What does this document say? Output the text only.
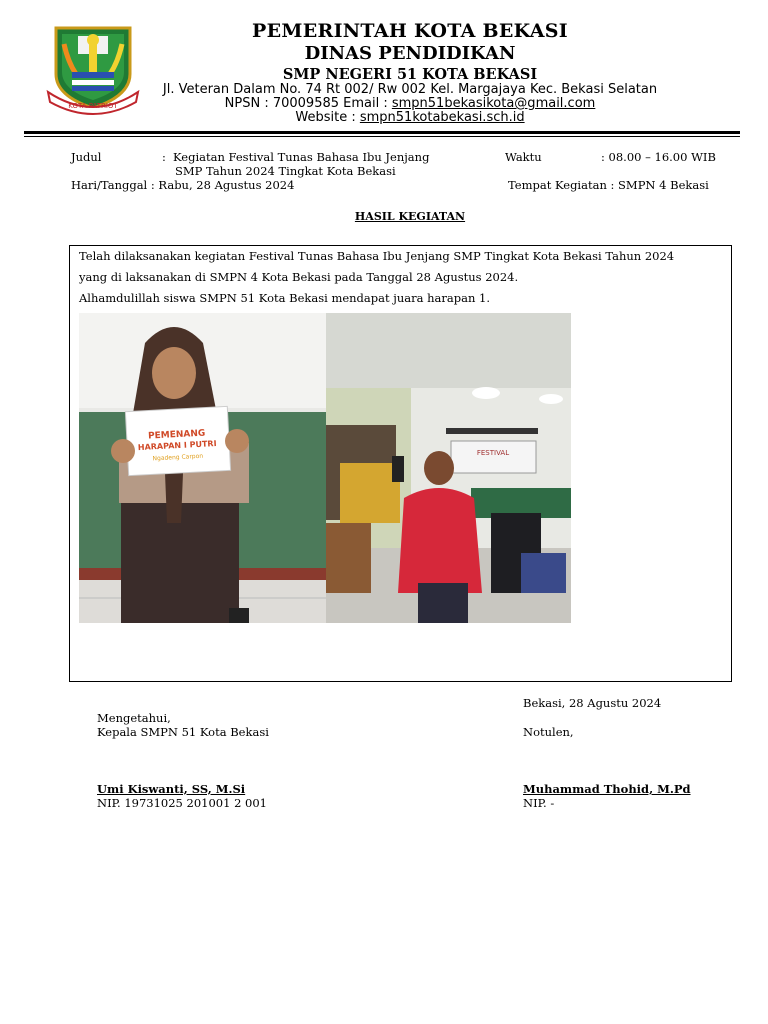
KOTA PATRIOT
PEMERINTAH KOTA BEKASI
DINAS PENDIDIKAN
SMP NEGERI 51 KOTA BEKASI
Jl. Veteran Dalam No. 74 Rt 002/ Rw 002 Kel. Margajaya Kec. Bekasi Selatan
NPSN : 70009585 Email : smpn51bekasikota@gmail.com
Website : smpn51kotabekasi.sch.id
Judul	: Kegiatan Festival Tunas Bahasa Ibu Jenjang
SMP Tahun 2024 Tingkat Kota Bekasi
Hari/Tanggal : Rabu, 28 Agustus 2024
Waktu	: 08.00 – 16.00 WIB
Tempat Kegiatan : SMPN 4 Bekasi
HASIL KEGIATAN
Telah dilaksanakan kegiatan Festival Tunas Bahasa Ibu Jenjang SMP Tingkat Kota Bekasi Tahun 2024
yang di laksanakan di SMPN 4 Kota Bekasi pada Tanggal 28 Agustus 2024.
Alhamdulillah siswa SMPN 51 Kota Bekasi mendapat juara harapan 1.
PEMENANG
HARAPAN I PUTRI
Ngadeng Carpon	FESTIVAL
Bekasi, 28 Agustu 2024
Mengetahui,
Kepala SMPN 51 Kota Bekasi	Notulen,
Umi Kiswanti, SS, M.Si
NIP. 19731025 201001 2 001
Muhammad Thohid, M.Pd
NIP. -
